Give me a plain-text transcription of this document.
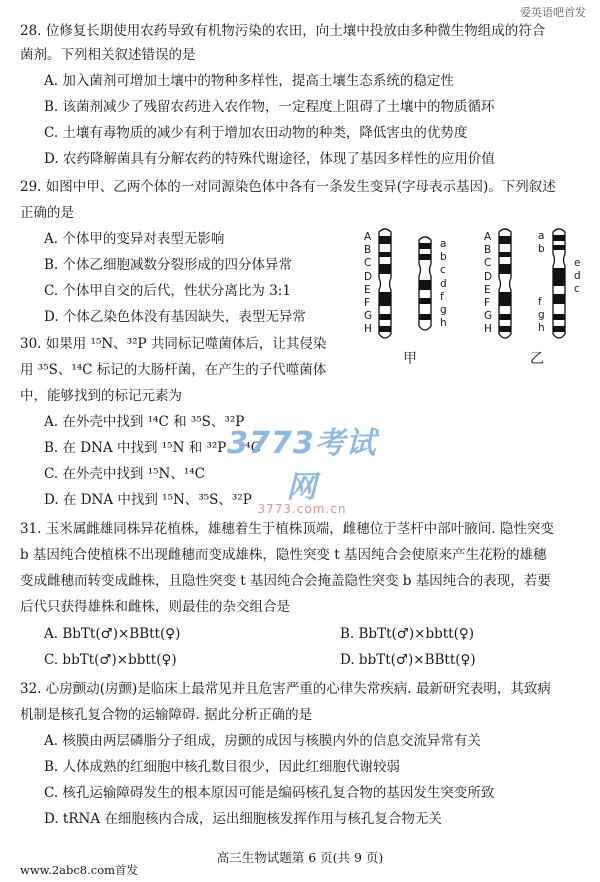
爱英语吧首发
28. 位修复长期使用农药导致有机物污染的农田，向土壤中投放由多种微生物组成的符合
菌剂。下列相关叙述错误的是
A. 加入菌剂可增加土壤中的物种多样性，提高土壤生态系统的稳定性
B. 该菌剂减少了残留农药进入农作物，一定程度上阻碍了土壤中的物质循环
C. 土壤有毒物质的减少有利于增加农田动物的种类，降低害虫的优势度
D. 农药降解菌具有分解农药的特殊代谢途径，体现了基因多样性的应用价值
29. 如图中甲、乙两个体的一对同源染色体中各有一条发生变异(字母表示基因)。下列叙述
正确的是
A. 个体甲的变异对表型无影响
B. 个体乙细胞减数分裂形成的四分体异常
C. 个体甲自交的后代，性状分离比为 3:1
D. 个体乙染色体没有基因缺失，表型无异常
A
B
C
D
E
F
G
H
a
b
c
d
f
g
h
A
B
C
D
E
F
G
H
a
b
e
d
c
f
g
h
甲	乙
30. 如果用 ¹⁵N、³²P 共同标记噬菌体后，让其侵染
用 ³⁵S、¹⁴C 标记的大肠杆菌，在产生的子代噬菌体
中，能够找到的标记元素为
A. 在外壳中找到 ¹⁴C 和 ³⁵S、³²P
B. 在 DNA 中找到 ¹⁵N 和 ³²P、¹⁴C
C. 在外壳中找到 ¹⁵N、¹⁴C
D. 在 DNA 中找到 ¹⁵N、³⁵S、³²P
3773考试网
3773.com.cn
31. 玉米属雌雄同株异花植株，雄穗着生于植株顶端，雌穗位于茎杆中部叶腋间. 隐性突变
b 基因纯合使植株不出现雌穗而变成雄株，隐性突变 t 基因纯合会使原来产生花粉的雄穗
变成雌穗而转变成雌株，且隐性突变 t 基因纯合会掩盖隐性突变 b 基因纯合的表现，若要
后代只获得雄株和雌株，则最佳的杂交组合是
A. BbTt(♂)×BBtt(♀)	B. BbTt(♂)×bbtt(♀)
C. bbTt(♂)×bbtt(♀)	D. bbTt(♂)×BBtt(♀)
32. 心房颤动(房颤)是临床上最常见并且危害严重的心律失常疾病. 最新研究表明，其致病
机制是核孔复合物的运输障碍. 据此分析正确的是
A. 核膜由两层磷脂分子组成，房颤的成因与核膜内外的信息交流异常有关
B. 人体成熟的红细胞中核孔数目很少，因此红细胞代谢较弱
C. 核孔运输障碍发生的根本原因可能是编码核孔复合物的基因发生突变所致
D. tRNA 在细胞核内合成，运出细胞核发挥作用与核孔复合物无关
www.2abc8.com首发
高三生物试题第 6 页(共 9 页)
